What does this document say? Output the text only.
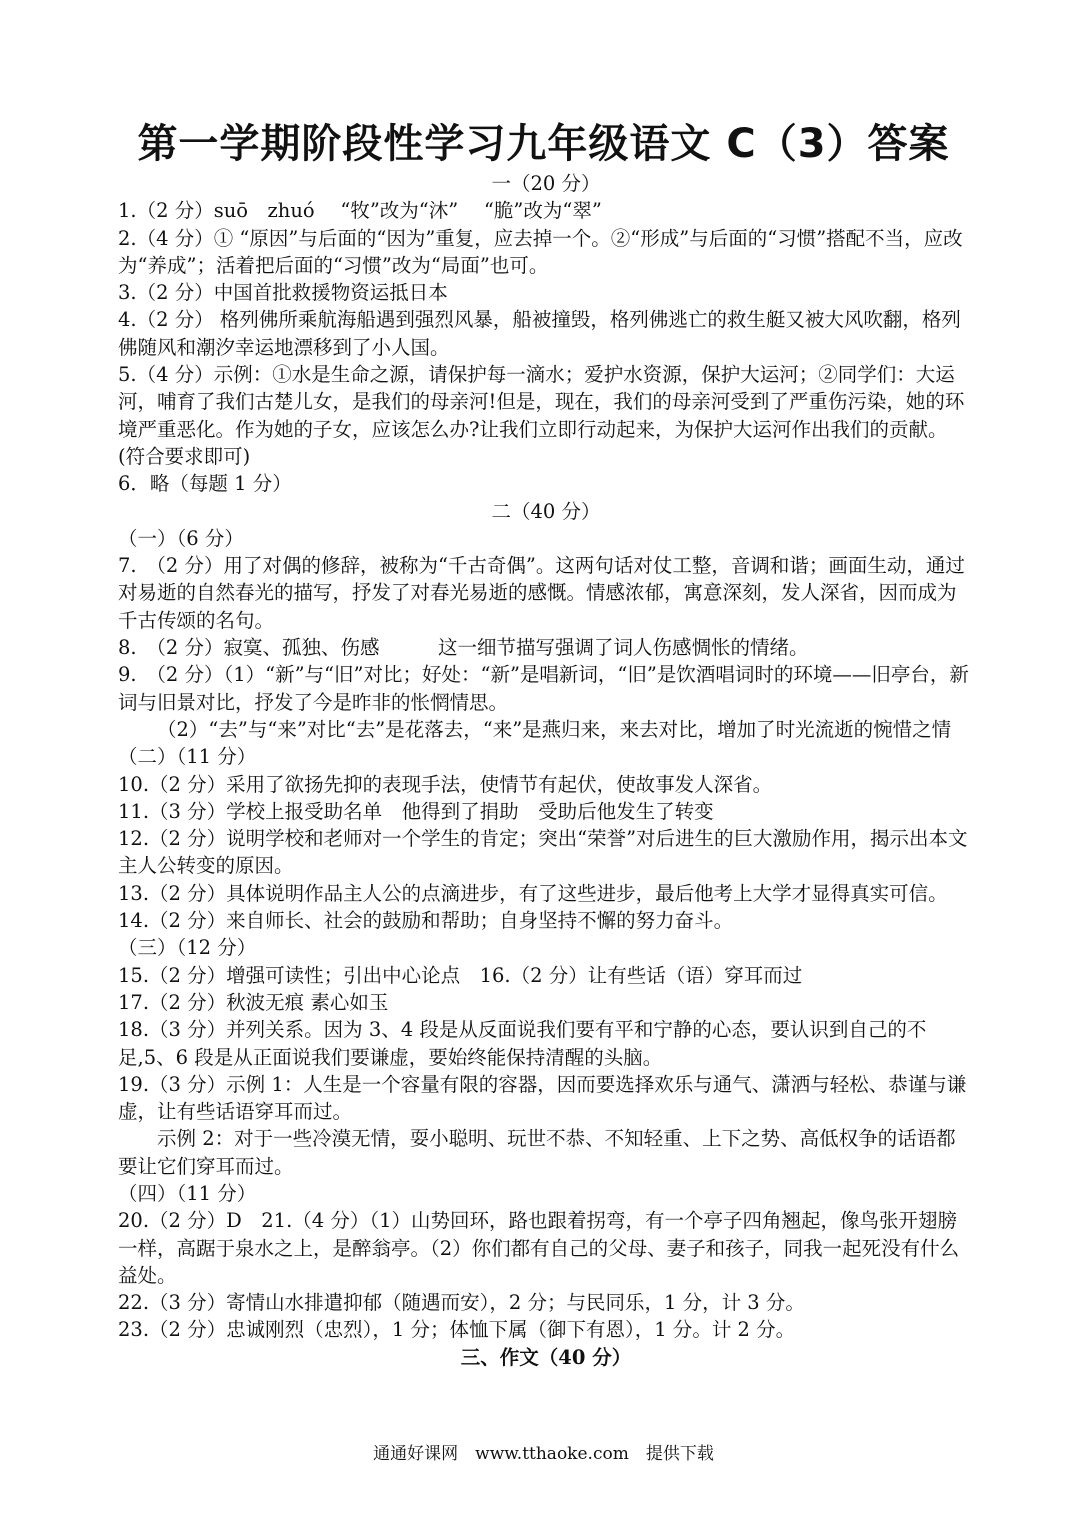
第一学期阶段性学习九年级语文 C（3）答案

一（20 分）

1.（2 分）suō　zhuó　 “牧”改为“沐”　 “脆”改为“翠”

2.（4 分）① “原因”与后面的“因为”重复，应去掉一个。②“形成”与后面的“习惯”搭配不当，应改为“养成”；活着把后面的“习惯”改为“局面”也可。

3.（2 分）中国首批救援物资运抵日本

4.（2 分） 格列佛所乘航海船遇到强烈风暴，船被撞毁，格列佛逃亡的救生艇又被大风吹翻，格列佛随风和潮汐幸运地漂移到了小人国。

5.（4 分）示例：①水是生命之源，请保护每一滴水；爱护水资源，保护大运河；②同学们：大运河，哺育了我们古楚儿女，是我们的母亲河!但是，现在，我们的母亲河受到了严重伤污染，她的环境严重恶化。作为她的子女，应该怎么办?让我们立即行动起来，为保护大运河作出我们的贡献。(符合要求即可)

6．略（每题 1 分）

二（40 分）

（一）（6 分）

7.　（2 分）用了对偶的修辞，被称为“千古奇偶”。这两句话对仗工整，音调和谐；画面生动，通过对易逝的自然春光的描写，抒发了对春光易逝的感慨。情感浓郁，寓意深刻，发人深省，因而成为千古传颂的名句。

8.　（2 分）寂寞、孤独、伤感　　　这一细节描写强调了词人伤感惆怅的情绪。

9.　（2 分）（1）“新”与“旧”对比；好处：“新”是唱新词，“旧”是饮酒唱词时的环境——旧亭台，新词与旧景对比，抒发了今是昨非的怅惘情思。

（2）“去”与“来”对比“去”是花落去，“来”是燕归来，来去对比，增加了时光流逝的惋惜之情

（二）（11 分）

10.（2 分）采用了欲扬先抑的表现手法，使情节有起伏，使故事发人深省。

11.（3 分）学校上报受助名单　他得到了捐助　受助后他发生了转变

12.（2 分）说明学校和老师对一个学生的肯定；突出“荣誉”对后进生的巨大激励作用，揭示出本文主人公转变的原因。

13.（2 分）具体说明作品主人公的点滴进步，有了这些进步，最后他考上大学才显得真实可信。

14.（2 分）来自师长、社会的鼓励和帮助；自身坚持不懈的努力奋斗。

（三）（12 分）

15.（2 分）增强可读性；引出中心论点　16.（2 分）让有些话（语）穿耳而过

17.（2 分）秋波无痕 素心如玉

18.（3 分）并列关系。因为 3、4 段是从反面说我们要有平和宁静的心态，要认识到自己的不足,5、6 段是从正面说我们要谦虚，要始终能保持清醒的头脑。

19.（3 分）示例 1：人生是一个容量有限的容器，因而要选择欢乐与通气、潇洒与轻松、恭谨与谦虚，让有些话语穿耳而过。

示例 2：对于一些冷漠无情，耍小聪明、玩世不恭、不知轻重、上下之势、高低权争的话语都要让它们穿耳而过。

（四）（11 分）

20.（2 分）D　21.（4 分）（1）山势回环，路也跟着拐弯，有一个亭子四角翘起，像鸟张开翅膀一样，高踞于泉水之上，是醉翁亭。（2）你们都有自己的父母、妻子和孩子，同我一起死没有什么益处。

22.（3 分）寄情山水排遣抑郁（随遇而安），2 分；与民同乐，1 分，计 3 分。

23.（2 分）忠诚刚烈（忠烈），1 分；体恤下属（御下有恩），1 分。计 2 分。

三、作文（40 分）

通通好课网　www.tthaoke.com　提供下载
